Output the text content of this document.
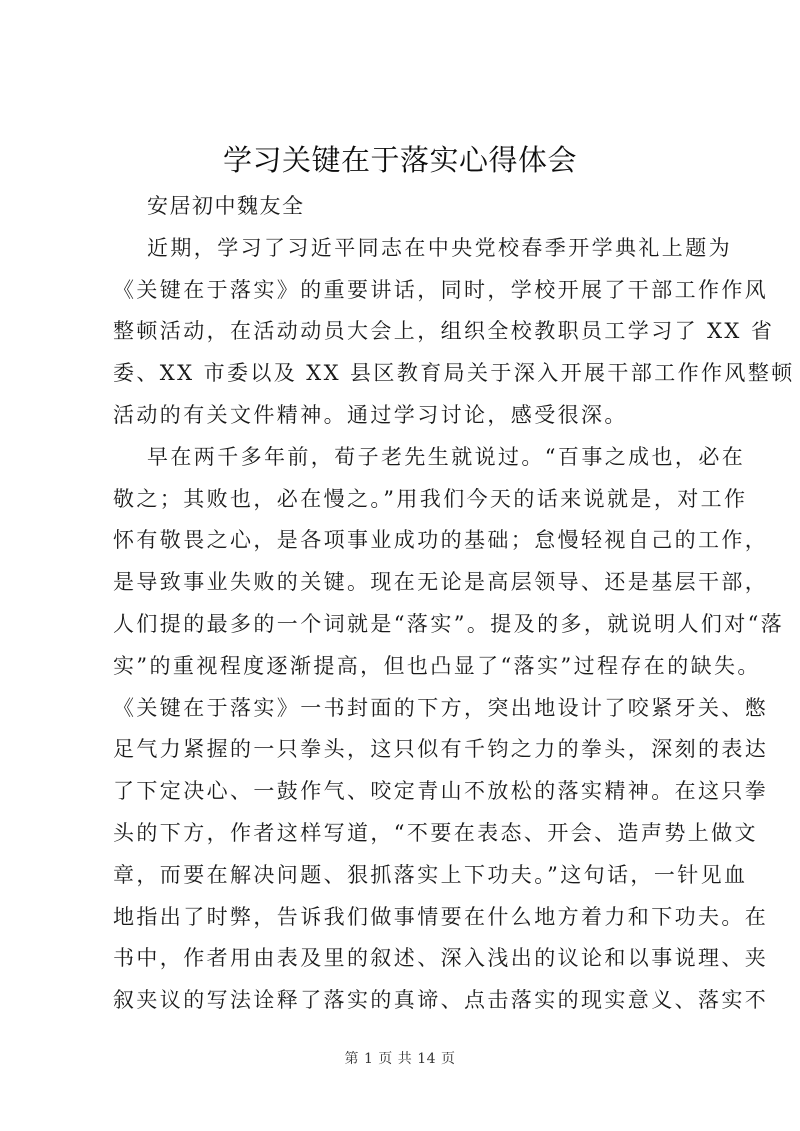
学习关键在于落实心得体会
安居初中魏友全
近期，学习了习近平同志在中央党校春季开学典礼上题为
《关键在于落实》的重要讲话，同时，学校开展了干部工作作风
整顿活动，在活动动员大会上，组织全校教职员工学习了 XX 省
委、XX 市委以及 XX 县区教育局关于深入开展干部工作作风整顿
活动的有关文件精神。通过学习讨论，感受很深。
早在两千多年前，荀子老先生就说过。“百事之成也，必在
敬之；其败也，必在慢之。”用我们今天的话来说就是，对工作
怀有敬畏之心，是各项事业成功的基础；怠慢轻视自己的工作，
是导致事业失败的关键。现在无论是高层领导、还是基层干部，
人们提的最多的一个词就是“落实”。提及的多，就说明人们对“落
实”的重视程度逐渐提高，但也凸显了“落实”过程存在的缺失。
《关键在于落实》一书封面的下方，突出地设计了咬紧牙关、憋
足气力紧握的一只拳头，这只似有千钧之力的拳头，深刻的表达
了下定决心、一鼓作气、咬定青山不放松的落实精神。在这只拳
头的下方，作者这样写道，“不要在表态、开会、造声势上做文
章，而要在解决问题、狠抓落实上下功夫。”这句话，一针见血
地指出了时弊，告诉我们做事情要在什么地方着力和下功夫。在
书中，作者用由表及里的叙述、深入浅出的议论和以事说理、夹
叙夹议的写法诠释了落实的真谛、点击落实的现实意义、落实不
第 1 页 共 14 页
